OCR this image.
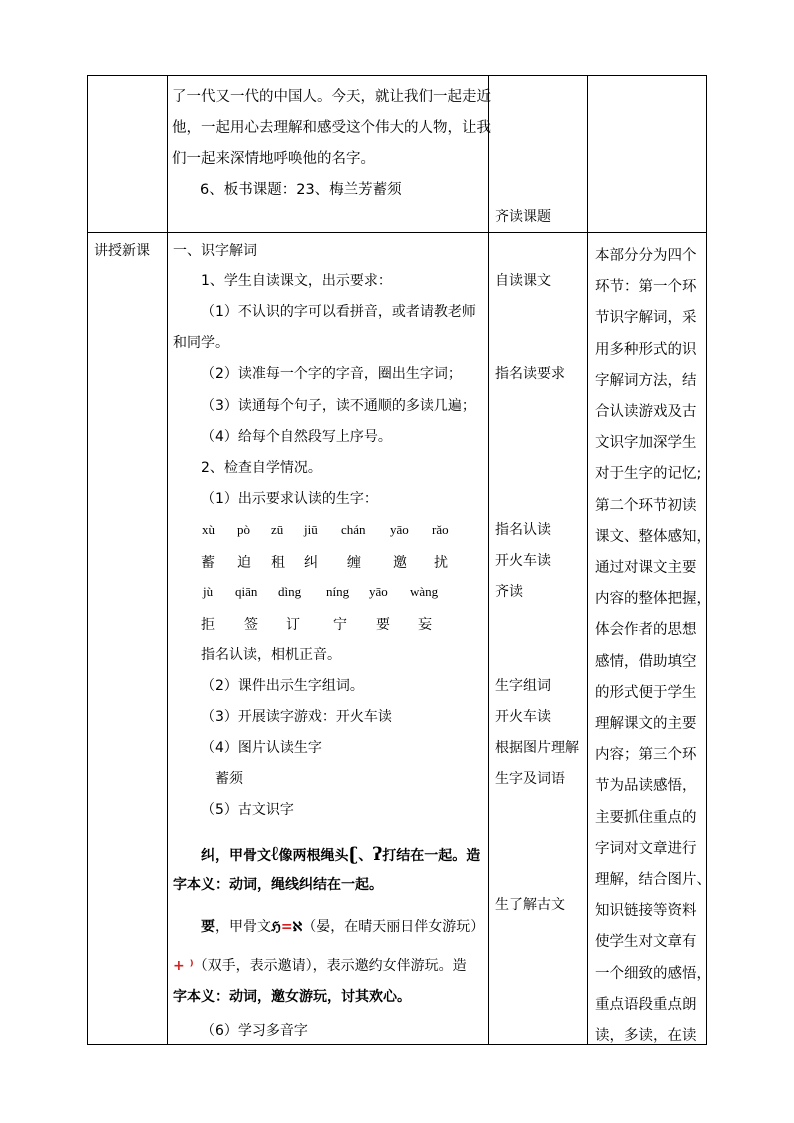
了一代又一代的中国人。今天，就让我们一起走近
他，一起用心去理解和感受这个伟大的人物，让我
们一起来深情地呼唤他的名字。
6、板书课题：23、梅兰芳蓄须
齐读课题
讲授新课 一、识字解词
1、学生自读课文，出示要求：
（1）不认识的字可以看拼音，或者请教老师
和同学。
（2）读准每一个字的字音，圈出生字词；
（3）读通每个句子，读不通顺的多读几遍；
（4）给每个自然段写上序号。
2、检查自学情况。
（1）出示要求认读的生字：
xù pò zū jiū chán yāo rǎo
蓄 迫 租 纠 缠 邀 扰
jù qiān dìng níng yāo wàng
拒 签 订 宁 要 妄
指名认读，相机正音。
（2）课件出示生字组词。
（3）开展读字游戏：开火车读
（4）图片认读生字
蓄须
（5）古文识字
纠，甲骨文ℓ像两根绳头ʗ、ʔ打结在一起。造
字本义：动词，绳线纠结在一起。
要，甲骨文ℌ=ℵ（晏，在晴天丽日伴女游玩）
+ ⁾（双手，表示邀请），表示邀约女伴游玩。造
字本义：动词，邀女游玩，讨其欢心。
（6）学习多音字
自读课文
指名读要求
指名认读
开火车读
齐读
生字组词
开火车读
根据图片理解
生字及词语
生了解古文
本部分分为四个
环节：第一个环
节识字解词，采
用多种形式的识
字解词方法，结
合认读游戏及古
文识字加深学生
对于生字的记忆;
第二个环节初读
课文、整体感知，
通过对课文主要
内容的整体把握，
体会作者的思想
感情，借助填空
的形式便于学生
理解课文的主要
内容；第三个环
节为品读感悟，
主要抓住重点的
字词对文章进行
理解，结合图片、
知识链接等资料
使学生对文章有
一个细致的感悟，
重点语段重点朗
读，多读，在读
